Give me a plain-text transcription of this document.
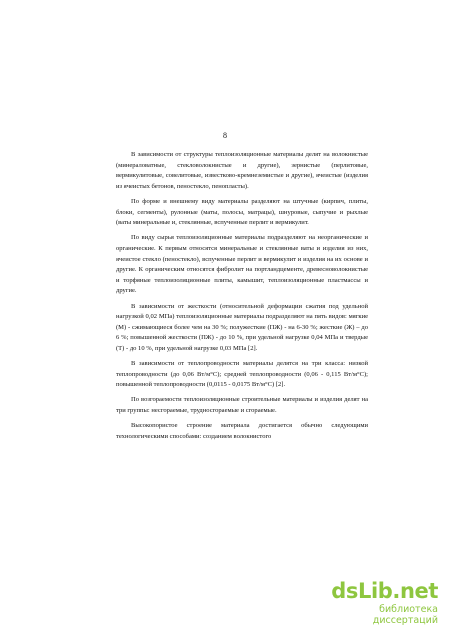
8

В зависимости от структуры теплоизоляционные материалы делят на волокнистые (минераловатные, стекловолокнистые и другие), зернистые (перлитовые, вермикулитовые, совелитовые, известково-кремнеземистые и другие), ячеистые (изделия из ячеистых бетонов, пеностекло, пенопласты).

По форме и внешнему виду материалы разделяют на штучные (кирпич, плиты, блоки, сегменты), рулонные (маты, полосы, матрацы), шнуровые, сыпучие и рыхлые (ваты минеральные и, стеклянные, вспученные перлит и вермикулит.

По виду сырья теплоизоляционные материалы подразделяют на неорганические и органические. К первым относятся минеральные и стеклянные ваты и изделия из них, ячеистое стекло (пеностекло), вспученные перлит и вермикулит и изделия на их основе и другие. К органическим относятся фибролит на портландцементе, древесноволокнистые и торфяные теплоизоляционные плиты, камышит, теплоизоляционные пластмассы и другие.

В зависимости от жесткости (относительной деформации сжатия под удельной нагрузкой 0,02 МПа) теплоизоляционные материалы подразделяют на пять видов: мягкие (М) - сжимающиеся более чем на 30 %; полужесткие (ПЖ) - на 6-30 %; жесткие (Ж) – до 6 %; повышенной жесткости (ПЖ) - до 10 %, при удельной нагрузке 0,04 МПа и твердые (Т) - до 10 %, при удельной нагрузке 0,03 МПа [2].

В зависимости от теплопроводности материалы делятся на три класса: низкой теплопроводности (до 0,06 Вт/м°С); средней теплопроводности (0,06 - 0,115 Вт/м°С); повышенной теплопроводности (0,0115 - 0,0175 Вт/м°С) [2].

По возгораемости теплоизоляционные строительные материалы и изделия делят на три группы: несгораемые, трудносгораемые и сгораемые.

Высокопористое строение материала достигается обычно следующими технологическими способами: созданием волокнистого

dsLib.net
библиотека диссертаций
